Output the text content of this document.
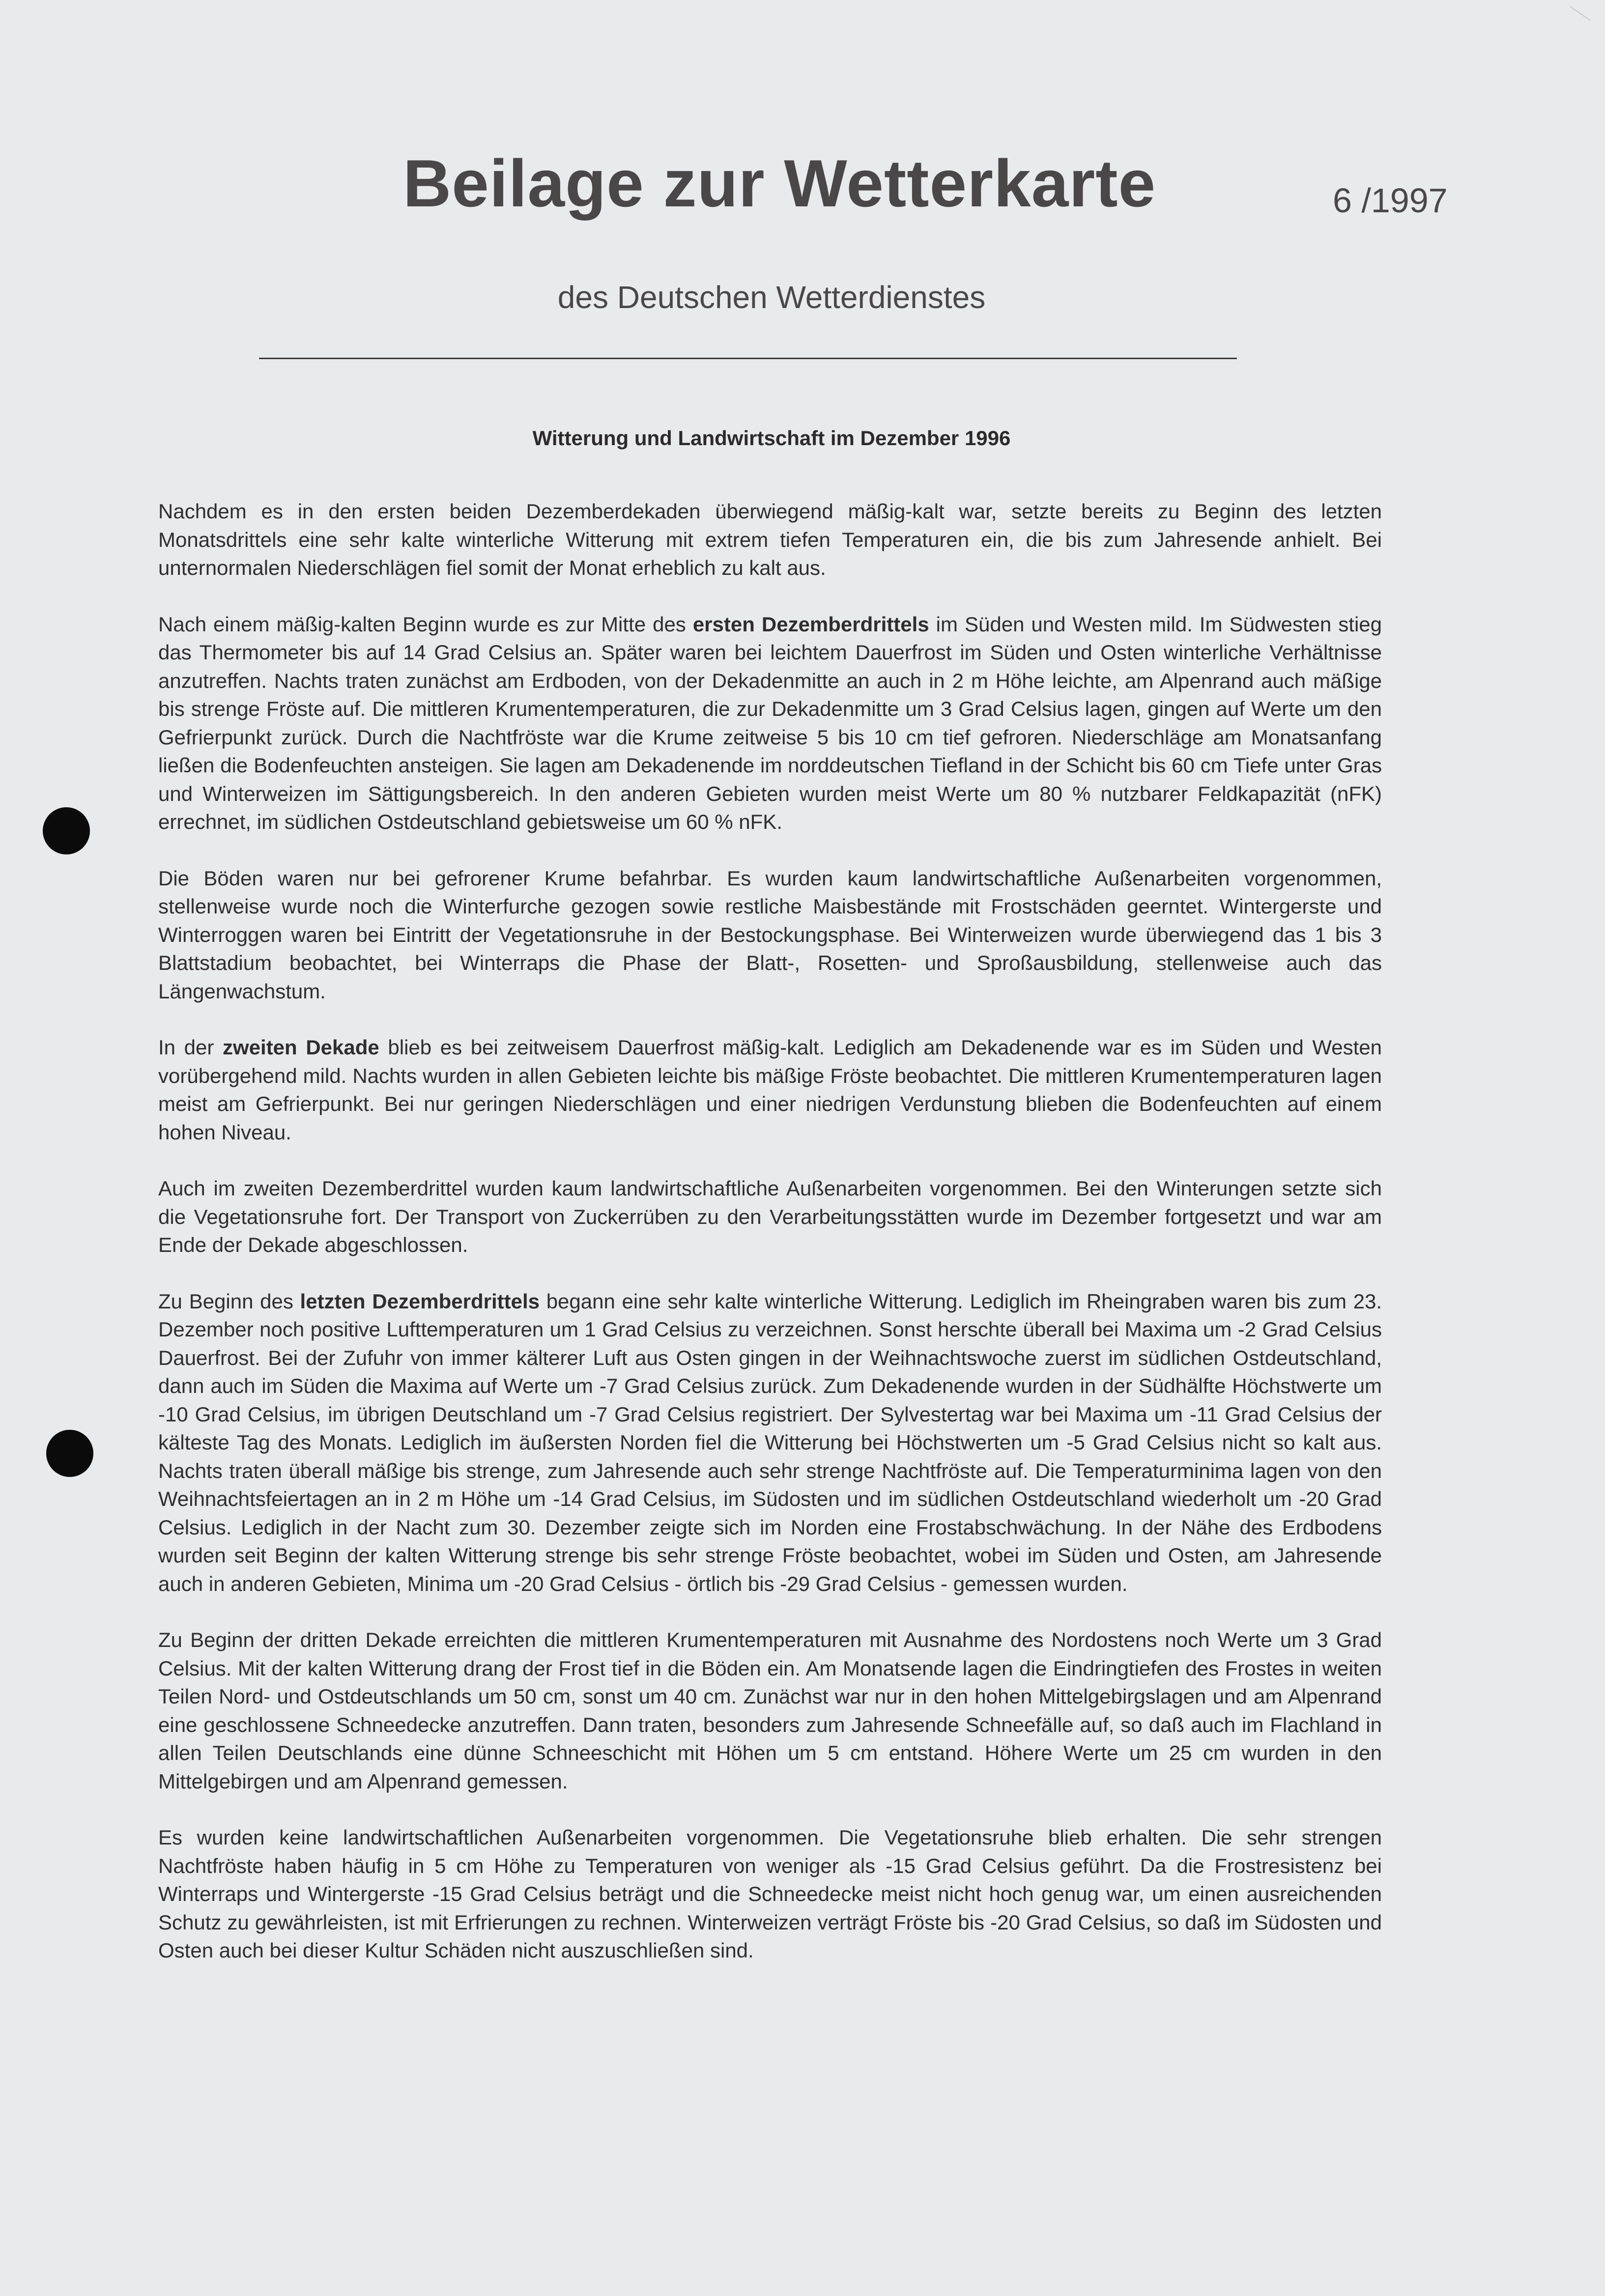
Beilage zur Wetterkarte	6 /1997
des Deutschen Wetterdienstes
Witterung und Landwirtschaft im Dezember 1996

Nachdem es in den ersten beiden Dezemberdekaden überwiegend mäßig-kalt war, setzte bereits zu Beginn des letzten Monatsdrittels eine sehr kalte winterliche Witterung mit extrem tiefen Temperaturen ein, die bis zum Jahresende anhielt. Bei unternormalen Niederschlägen fiel somit der Monat erheblich zu kalt aus.

Nach einem mäßig-kalten Beginn wurde es zur Mitte des ersten Dezemberdrittels im Süden und Westen mild. Im Südwesten stieg das Thermometer bis auf 14 Grad Celsius an. Später waren bei leichtem Dauerfrost im Süden und Osten winterliche Verhältnisse anzutreffen. Nachts traten zunächst am Erdboden, von der Dekadenmitte an auch in 2 m Höhe leichte, am Alpenrand auch mäßige bis strenge Fröste auf. Die mittleren Krumentemperaturen, die zur Dekadenmitte um 3 Grad Celsius lagen, gingen auf Werte um den Gefrierpunkt zurück. Durch die Nachtfröste war die Krume zeitweise 5 bis 10 cm tief gefroren. Niederschläge am Monatsanfang ließen die Bodenfeuchten ansteigen. Sie lagen am Dekadenende im norddeutschen Tiefland in der Schicht bis 60 cm Tiefe unter Gras und Winterweizen im Sättigungsbereich. In den anderen Gebieten wurden meist Werte um 80 % nutzbarer Feldkapazität (nFK) errechnet, im südlichen Ostdeutschland gebietsweise um 60 % nFK.

Die Böden waren nur bei gefrorener Krume befahrbar. Es wurden kaum landwirtschaftliche Außenarbeiten vorgenommen, stellenweise wurde noch die Winterfurche gezogen sowie restliche Maisbestände mit Frostschäden geerntet. Wintergerste und Winterroggen waren bei Eintritt der Vegetationsruhe in der Bestockungsphase. Bei Winterweizen wurde überwiegend das 1 bis 3 Blattstadium beobachtet, bei Winterraps die Phase der Blatt-, Rosetten- und Sproßausbildung, stellenweise auch das Längenwachstum.

In der zweiten Dekade blieb es bei zeitweisem Dauerfrost mäßig-kalt. Lediglich am Dekadenende war es im Süden und Westen vorübergehend mild. Nachts wurden in allen Gebieten leichte bis mäßige Fröste beobachtet. Die mittleren Krumentemperaturen lagen meist am Gefrierpunkt. Bei nur geringen Niederschlägen und einer niedrigen Verdunstung blieben die Bodenfeuchten auf einem hohen Niveau.

Auch im zweiten Dezemberdrittel wurden kaum landwirtschaftliche Außenarbeiten vorgenommen. Bei den Winterungen setzte sich die Vegetationsruhe fort. Der Transport von Zuckerrüben zu den Verarbeitungsstätten wurde im Dezember fortgesetzt und war am Ende der Dekade abgeschlossen.

Zu Beginn des letzten Dezemberdrittels begann eine sehr kalte winterliche Witterung. Lediglich im Rheingraben waren bis zum 23. Dezember noch positive Lufttemperaturen um 1 Grad Celsius zu verzeichnen. Sonst herschte überall bei Maxima um -2 Grad Celsius Dauerfrost. Bei der Zufuhr von immer kälterer Luft aus Osten gingen in der Weihnachtswoche zuerst im südlichen Ostdeutschland, dann auch im Süden die Maxima auf Werte um -7 Grad Celsius zurück. Zum Dekadenende wurden in der Südhälfte Höchstwerte um -10 Grad Celsius, im übrigen Deutschland um -7 Grad Celsius registriert. Der Sylvestertag war bei Maxima um -11 Grad Celsius der kälteste Tag des Monats. Lediglich im äußersten Norden fiel die Witterung bei Höchstwerten um -5 Grad Celsius nicht so kalt aus. Nachts traten überall mäßige bis strenge, zum Jahresende auch sehr strenge Nachtfröste auf. Die Temperaturminima lagen von den Weihnachtsfeiertagen an in 2 m Höhe um -14 Grad Celsius, im Südosten und im südlichen Ostdeutschland wiederholt um -20 Grad Celsius. Lediglich in der Nacht zum 30. Dezember zeigte sich im Norden eine Frostabschwächung. In der Nähe des Erdbodens wurden seit Beginn der kalten Witterung strenge bis sehr strenge Fröste beobachtet, wobei im Süden und Osten, am Jahresende auch in anderen Gebieten, Minima um -20 Grad Celsius - örtlich bis -29 Grad Celsius - gemessen wurden.

Zu Beginn der dritten Dekade erreichten die mittleren Krumentemperaturen mit Ausnahme des Nordostens noch Werte um 3 Grad Celsius. Mit der kalten Witterung drang der Frost tief in die Böden ein. Am Monatsende lagen die Eindringtiefen des Frostes in weiten Teilen Nord- und Ostdeutschlands um 50 cm, sonst um 40 cm. Zunächst war nur in den hohen Mittelgebirgslagen und am Alpenrand eine geschlossene Schneedecke anzutreffen. Dann traten, besonders zum Jahresende Schneefälle auf, so daß auch im Flachland in allen Teilen Deutschlands eine dünne Schneeschicht mit Höhen um 5 cm entstand. Höhere Werte um 25 cm wurden in den Mittelgebirgen und am Alpenrand gemessen.

Es wurden keine landwirtschaftlichen Außenarbeiten vorgenommen. Die Vegetationsruhe blieb erhalten. Die sehr strengen Nachtfröste haben häufig in 5 cm Höhe zu Temperaturen von weniger als -15 Grad Celsius geführt. Da die Frostresistenz bei Winterraps und Wintergerste -15 Grad Celsius beträgt und die Schneedecke meist nicht hoch genug war, um einen ausreichenden Schutz zu gewährleisten, ist mit Erfrierungen zu rechnen. Winterweizen verträgt Fröste bis -20 Grad Celsius, so daß im Südosten und Osten auch bei dieser Kultur Schäden nicht auszuschließen sind.
